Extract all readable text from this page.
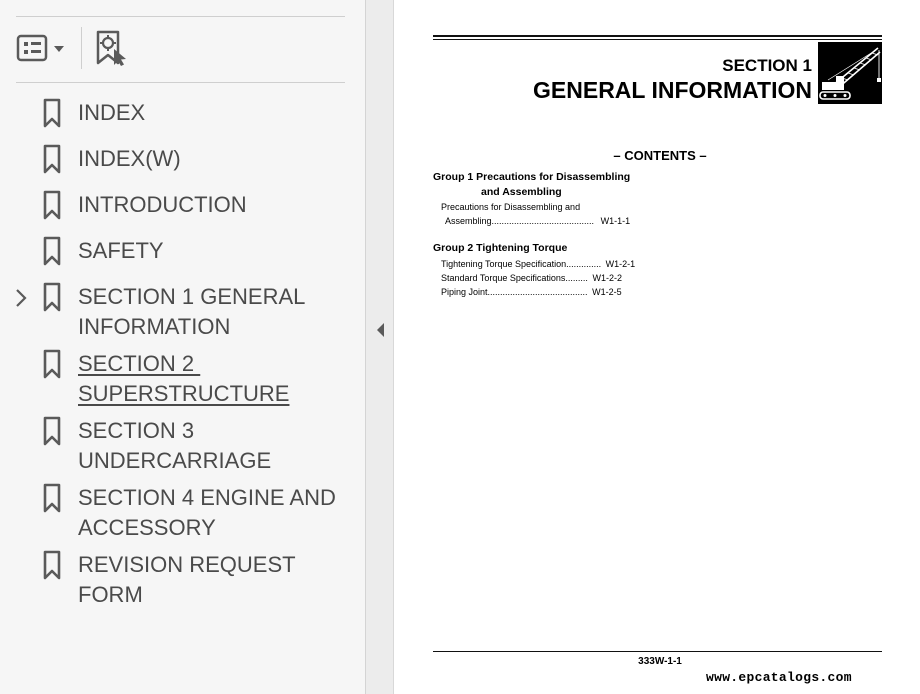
INDEX
INDEX(W)
INTRODUCTION
SAFETY
SECTION 1 GENERAL
INFORMATION
SECTION 2
SUPERSTRUCTURE
SECTION 3
UNDERCARRIAGE
SECTION 4 ENGINE AND
ACCESSORY
REVISION REQUEST FORM
SECTION 1
GENERAL INFORMATION
– CONTENTS –
Group 1 Precautions for Disassembling
and Assembling
Precautions for Disassembling and
Assembling......................................... W1-1-1
Group 2 Tightening Torque
Tightening Torque Specification.............. W1-2-1
Standard Torque Specifications......... W1-2-2
Piping Joint........................................ W1-2-5
333W-1-1
www.epcatalogs.com
